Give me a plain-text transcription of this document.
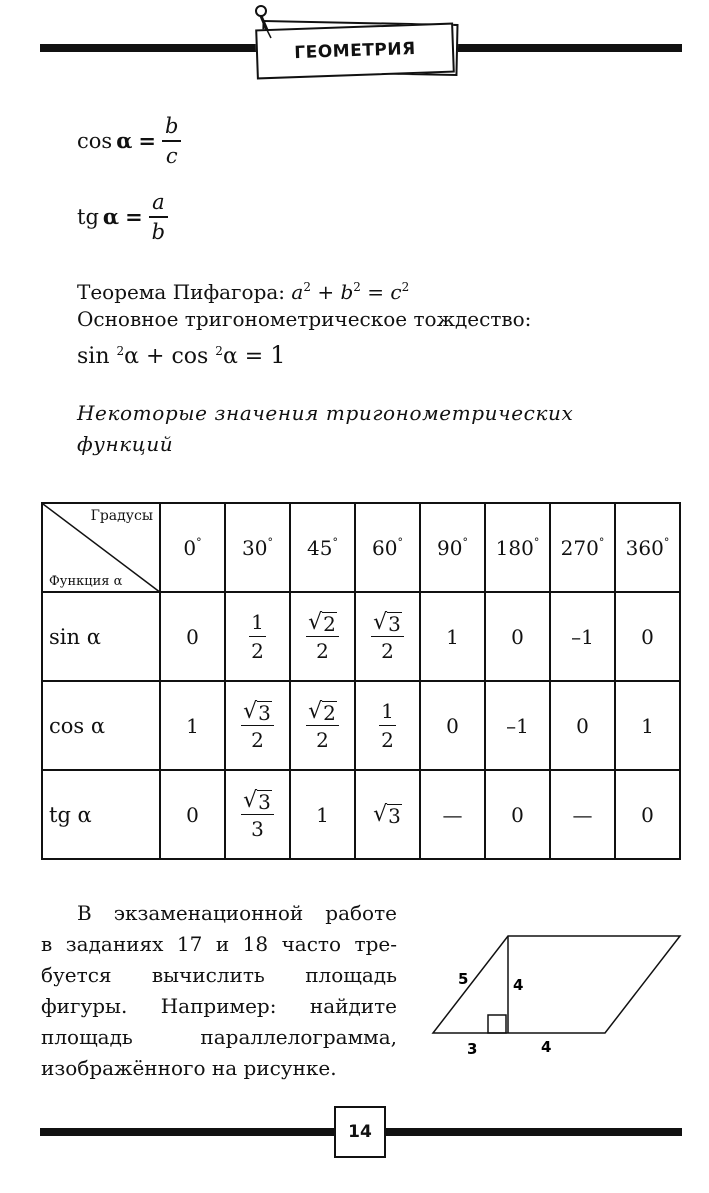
ГЕОМЕТРИЯ
$\cos \alpha = \frac{b}{c}$
tg $\alpha = \frac{a}{b}$
Теорема Пифагора: $a^2 + b^2 = c^2$
Основное тригонометрическое тождество:
sin $^2$α + cos $^2$α = 1
Некоторые значения тригонометрических функций
Градусы
Функция α	0°	30°	45°	60°	90°	180°	270°	360°
sin α	0	$\frac{1}{2}$	$\frac{√ 2}{2}$	$\frac{√ 3}{2}$	1	0	–1	0
cos α	1	$\frac{√ 3}{2}$	$\frac{√ 2}{2}$	$\frac{1}{2}$	0	–1	0	1
tg α	0	$\frac{√ 3}{3}$	1	√ 3	—	0	—	0
В экзаменационной работе
в заданиях 17 и 18 часто тре-
буется вычислить площадь
фигуры. Например: найдите
площадь параллелограмма,
изображённого на рисунке.
5	4
3	4
14
